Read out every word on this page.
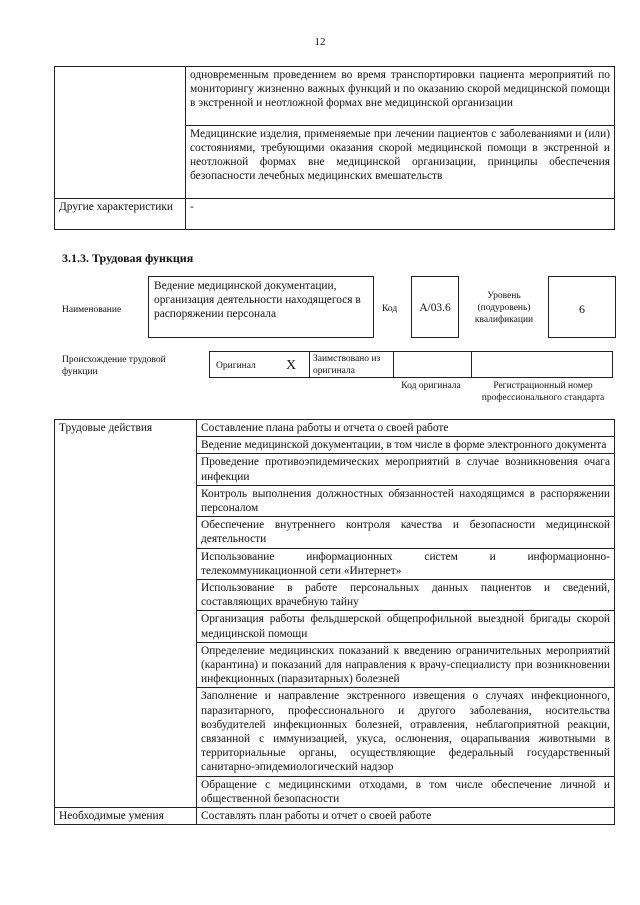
12
	одновременным проведением во время транспортировки пациента мероприятий по мониторингу жизненно важных функций и по оказанию скорой медицинской помощи в экстренной и неотложной формах вне медицинской организации
	Медицинские изделия, применяемые при лечении пациентов с заболеваниями и (или) состояниями, требующими оказания скорой медицинской помощи в экстренной и неотложной формах вне медицинской организации, принципы обеспечения безопасности лечебных медицинских вмешательств
Другие характеристики	-
3.1.3. Трудовая функция
Наименование
Ведение медицинской документации, организация деятельности находящегося в распоряжении персонала	Код	А/03.6
Уровень (подуровень) квалификации
6
Происхождение трудовой функции
Оригинал Х Заимствовано из оригинала
Код оригинала	Регистрационный номер профессионального стандарта
Трудовые действия	Составление плана работы и отчета о своей работе
	Ведение медицинской документации, в том числе в форме электронного документа
	Проведение противоэпидемических мероприятий в случае возникновения очага инфекции
	Контроль выполнения должностных обязанностей находящимся в распоряжении персоналом
	Обеспечение внутреннего контроля качества и безопасности медицинской деятельности
	Использование информационных систем и информационно-телекоммуникационной сети «Интернет»
	Использование в работе персональных данных пациентов и сведений, составляющих врачебную тайну
	Организация работы фельдшерской общепрофильной выездной бригады скорой медицинской помощи
	Определение медицинских показаний к введению ограничительных мероприятий (карантина) и показаний для направления к врачу-специалисту при возникновении инфекционных (паразитарных) болезней
	Заполнение и направление экстренного извещения о случаях инфекционного, паразитарного, профессионального и другого заболевания, носительства возбудителей инфекционных болезней, отравления, неблагоприятной реакции, связанной с иммунизацией, укуса, ослюнения, оцарапывания животными в территориальные органы, осуществляющие федеральный государственный санитарно-эпидемиологический надзор
	Обращение с медицинскими отходами, в том числе обеспечение личной и общественной безопасности
Необходимые умения	Составлять план работы и отчет о своей работе
